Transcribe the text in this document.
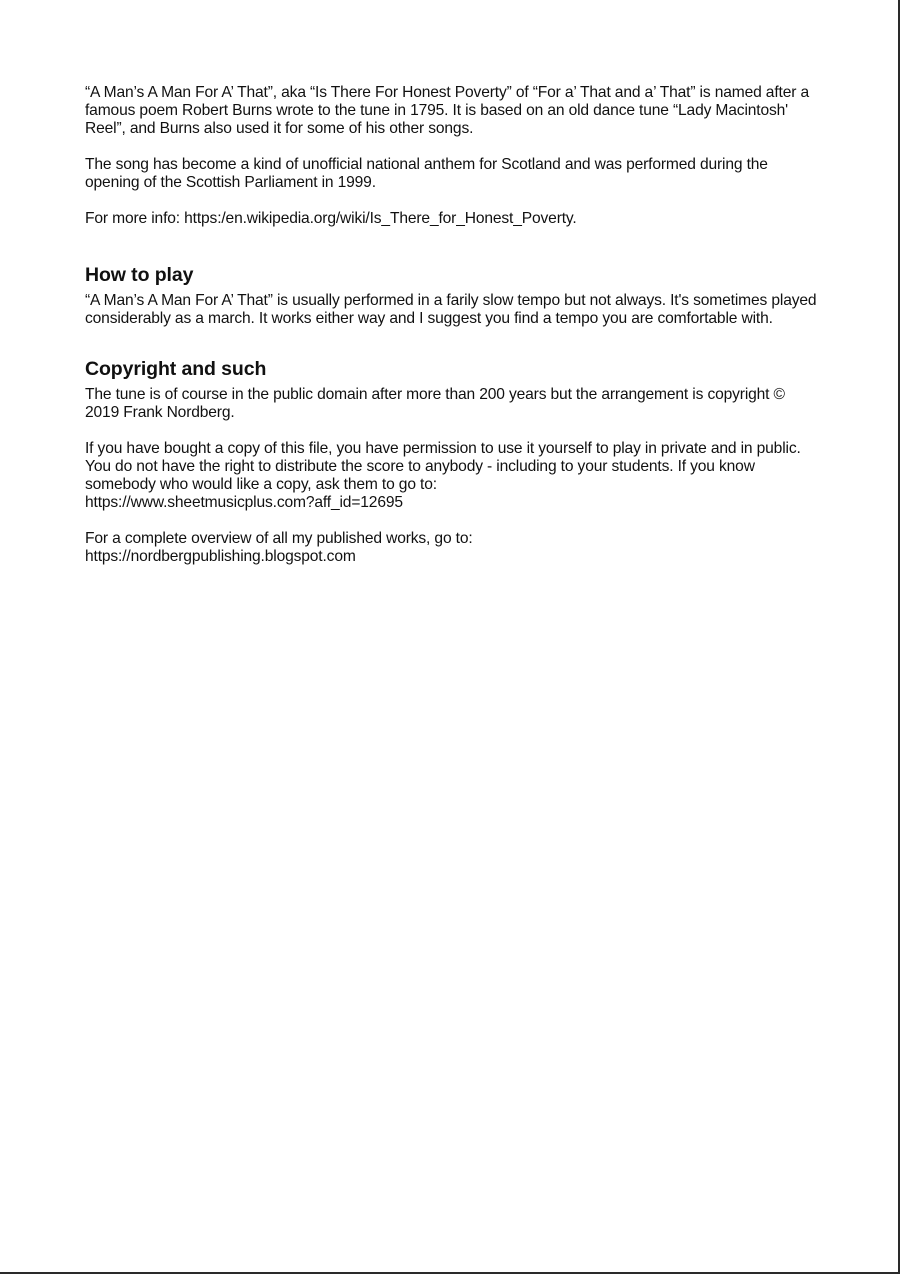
“A Man’s A Man For A’ That”, aka “Is There For Honest Poverty” of “For a’ That and a’ That” is named after a famous poem Robert Burns wrote to the tune in 1795. It is based on an old dance tune “Lady Macintosh' Reel”, and Burns also used it for some of his other songs.

The song has become a kind of unofficial national anthem for Scotland and was performed during the opening of the Scottish Parliament in 1999.

For more info: https:/en.wikipedia.org/wiki/Is_There_for_Honest_Poverty.

How to play

“A Man’s A Man For A’ That” is usually performed in a farily slow tempo but not always. It's sometimes played considerably as a march. It works either way and I suggest you find a tempo you are comfortable with.

Copyright and such

The tune is of course in the public domain after more than 200 years but the arrangement is copyright © 2019 Frank Nordberg.

If you have bought a copy of this file, you have permission to use it yourself to play in private and in public. You do not have the right to distribute the score to anybody - including to your students. If you know somebody who would like a copy, ask them to go to:

https://www.sheetmusicplus.com?aff_id=12695

For a complete overview of all my published works, go to:

https://nordbergpublishing.blogspot.com
